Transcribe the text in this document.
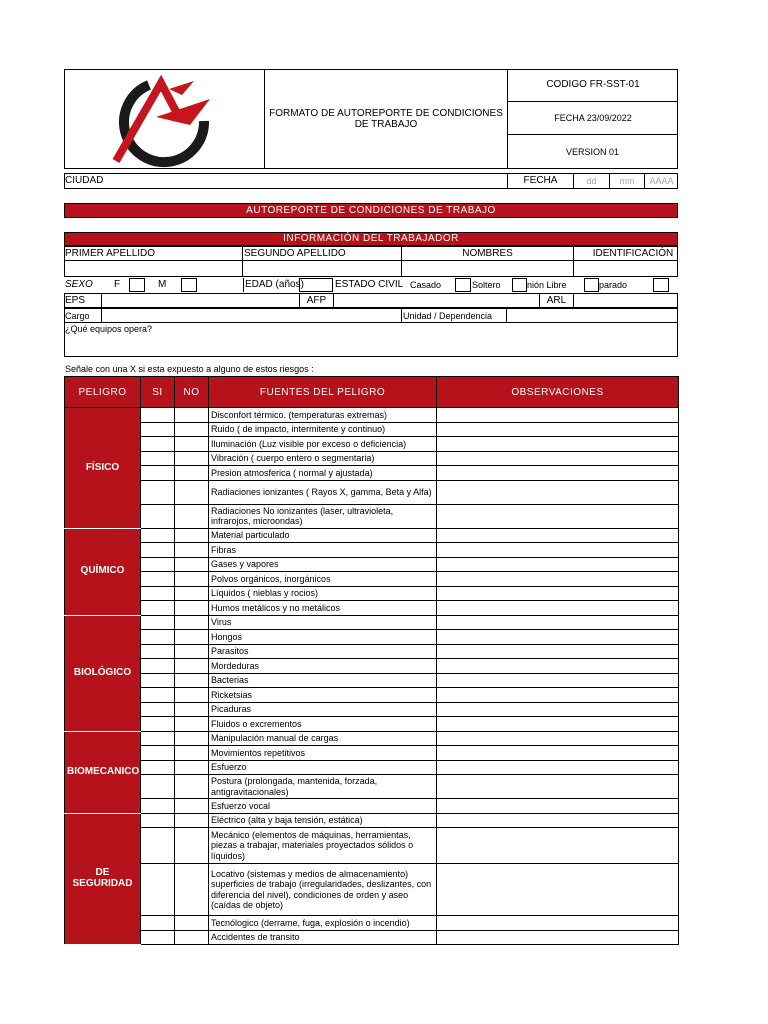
FORMATO DE AUTOREPORTE DE CONDICIONES DE TRABAJO
CODIGO FR-SST-01
FECHA 23/09/2022
VERSION 01
CIUDAD	FECHA	dd	mm	AAAA
AUTOREPORTE DE CONDICIONES DE TRABAJO
INFORMACIÓN DEL TRABAJADOR
PRIMER APELLIDO	SEGUNDO APELLIDO	NOMBRES	IDENTIFICACIÓN
SEXO	F	M	EDAD (años)	ESTADO CIVIL Casado	Soltero	nión Libre	parado
EPS	AFP	ARL
Cargo	Unidad / Dependencia
¿Qué equipos opera?
Señale con una X si esta expuesto a alguno de estos riesgos :
PELIGRO	SI	NO	FUENTES DEL PELIGRO	OBSERVACIONES
FÍSICO			Disconfort térmico. (temperaturas extremas)	
			Ruido ( de impacto, intermitente y continuo)	
			Iluminación (Luz visible por exceso o deficiencia)	
			Vibración ( cuerpo entero o segmentaria)	
			Presion atmosferica ( normal y ajustada)	
			Radiaciones ionizantes ( Rayos X, gamma, Beta y Alfa)	
			Radiaciones No ionizantes (laser, ultravioleta, infrarojos, microondas)	
QUÍMICO			Material particulado	
			Fibras	
			Gases y vapores	
			Polvos orgánicos, inorgánicos	
			Líquidos ( nieblas y rocios)	
			Humos metálicos y no metálicos	
BIOLÓGICO			Virus	
			Hongos	
			Parasitos	
			Mordeduras	
			Bacterias	
			Ricketsias	
			Picaduras	
			Fluidos o excrementos	
BIOMECANICO			Manipulación manual de cargas	
			Movimientos repetitivos	
			Esfuerzo	
			Postura (prolongada, mantenida, forzada, antigravitacionales)	
			Esfuerzo vocal	
DE SEGURIDAD			Eléctrico (alta y baja tensión, estática)	
			Mecánico (elementos de máquinas, herramientas, piezas a trabajar, materiales proyectados sólidos o líquidos)	
			Locativo (sistemas y medios de almacenamiento) superficies de trabajo (irregularidades, deslizantes, con diferencia del nivel), condiciones de orden y aseo (caídas de objeto)	
			Tecnólogico (derrame, fuga, explosión o incendio)	
			Accidentes de transito	
